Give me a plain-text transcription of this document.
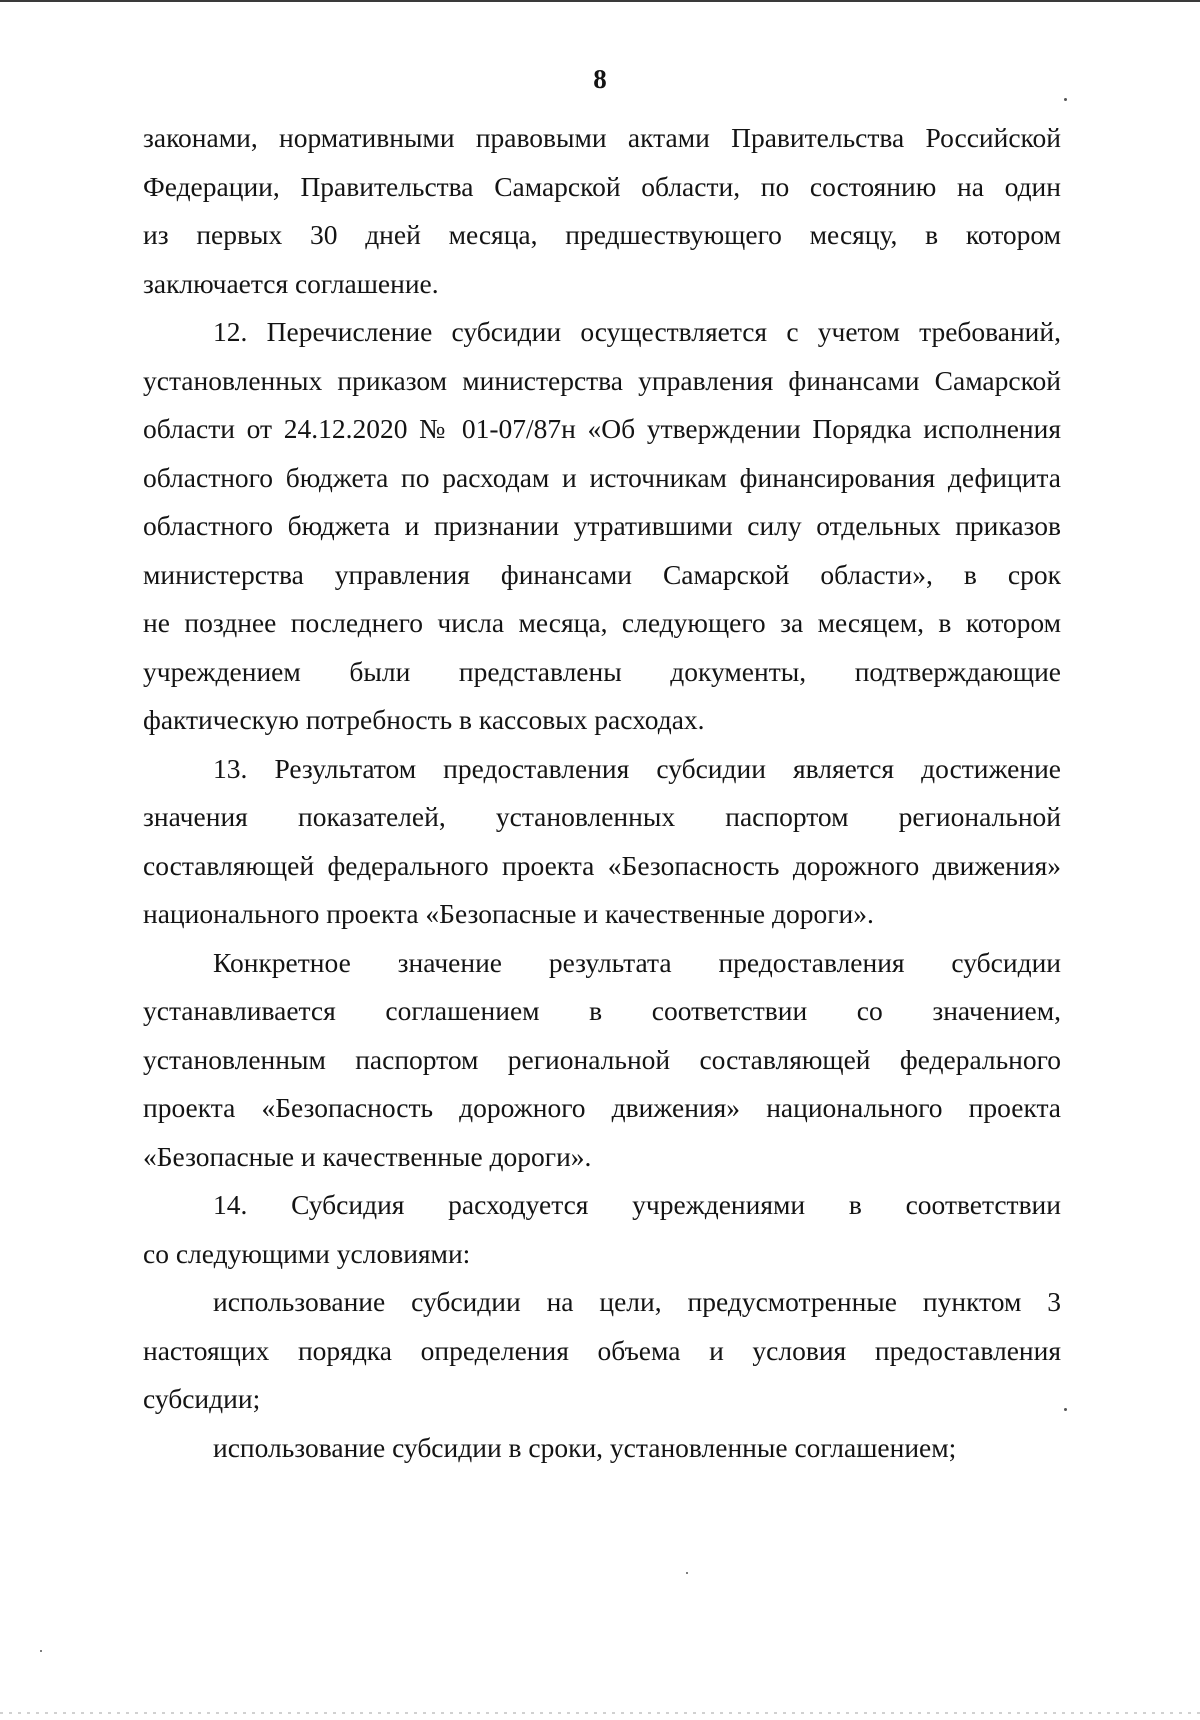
8
законами, нормативными правовыми актами Правительства Российской
Федерации, Правительства Самарской области, по состоянию на один
из первых 30 дней месяца, предшествующего месяцу, в котором
заключается соглашение.
12. Перечисление субсидии осуществляется с учетом требований,
установленных приказом министерства управления финансами Самарской
области от 24.12.2020 № 01-07/87н «Об утверждении Порядка исполнения
областного бюджета по расходам и источникам финансирования дефицита
областного бюджета и признании утратившими силу отдельных приказов
министерства управления финансами Самарской области», в срок
не позднее последнего числа месяца, следующего за месяцем, в котором
учреждением были представлены документы, подтверждающие
фактическую потребность в кассовых расходах.
13. Результатом предоставления субсидии является достижение
значения показателей, установленных паспортом региональной
составляющей федерального проекта «Безопасность дорожного движения»
национального проекта «Безопасные и качественные дороги».
Конкретное значение результата предоставления субсидии
устанавливается соглашением в соответствии со значением,
установленным паспортом региональной составляющей федерального
проекта «Безопасность дорожного движения» национального проекта
«Безопасные и качественные дороги».
14. Субсидия расходуется учреждениями в соответствии
со следующими условиями:
использование субсидии на цели, предусмотренные пунктом 3
настоящих порядка определения объема и условия предоставления
субсидии;
использование субсидии в сроки, установленные соглашением;
